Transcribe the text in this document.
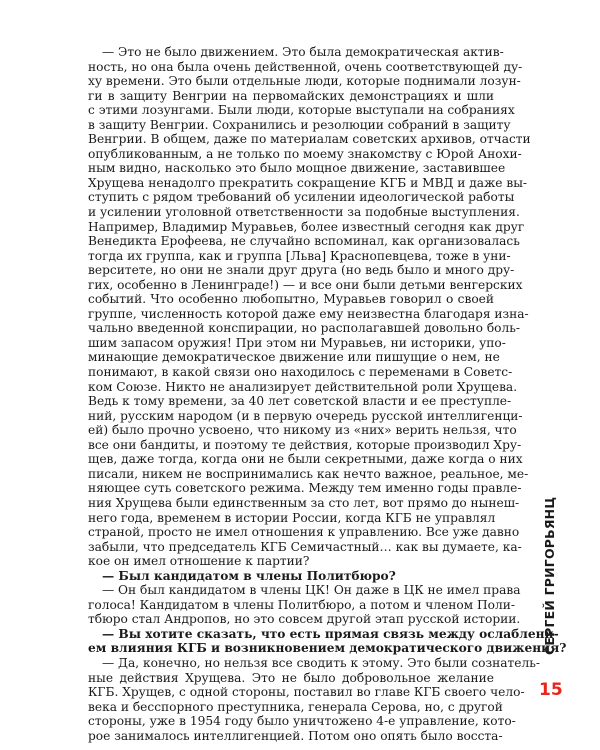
— Это не было движением. Это была демократическая актив-
ность, но она была очень действенной, очень соответствующей ду-
ху времени. Это были отдельные люди, которые поднимали лозун-
ги в защиту Венгрии на первомайских демонстрациях и шли
с этими лозунгами. Были люди, которые выступали на собраниях
в защиту Венгрии. Сохранились и резолюции собраний в защиту
Венгрии. В общем, даже по материалам советских архивов, отчасти
опубликованным, а не только по моему знакомству с Юрой Анохи-
ным видно, насколько это было мощное движение, заставившее
Хрущева ненадолго прекратить сокращение КГБ и МВД и даже вы-
ступить с рядом требований об усилении идеологической работы
и усилении уголовной ответственности за подобные выступления.
Например, Владимир Муравьев, более известный сегодня как друг
Венедикта Ерофеева, не случайно вспоминал, как организовалась
тогда их группа, как и группа [Льва] Краснопевцева, тоже в уни-
верситете, но они не знали друг друга (но ведь было и много дру-
гих, особенно в Ленинграде!) — и все они были детьми венгерских
событий. Что особенно любопытно, Муравьев говорил о своей
группе, численность которой даже ему неизвестна благодаря изна-
чально введенной конспирации, но располагавшей довольно боль-
шим запасом оружия! При этом ни Муравьев, ни историки, упо-
минающие демократическое движение или пишущие о нем, не
понимают, в какой связи оно находилось с переменами в Советс-
ком Союзе. Никто не анализирует действительной роли Хрущева.
Ведь к тому времени, за 40 лет советской власти и ее преступле-
ний, русским народом (и в первую очередь русской интеллигенци-
ей) было прочно усвоено, что никому из «них» верить нельзя, что
все они бандиты, и поэтому те действия, которые производил Хру-
щев, даже тогда, когда они не были секретными, даже когда о них
писали, никем не воспринимались как нечто важное, реальное, ме-
няющее суть советского режима. Между тем именно годы правле-
ния Хрущева были единственным за сто лет, вот прямо до нынеш-
него года, временем в истории России, когда КГБ не управлял
страной, просто не имел отношения к управлению. Все уже давно
забыли, что председатель КГБ Семичастный… как вы думаете, ка-
кое он имел отношение к партии?
— Был кандидатом в члены Политбюро?
— Он был кандидатом в члены ЦК! Он даже в ЦК не имел права
голоса! Кандидатом в члены Политбюро, а потом и членом Поли-
тбюро стал Андропов, но это совсем другой этап русской истории.
— Вы хотите сказать, что есть прямая связь между ослаблени-
ем влияния КГБ и возникновением демократического движения?
— Да, конечно, но нельзя все сводить к этому. Это были сознатель-
ные действия Хрущева. Это не было добровольное желание
КГБ. Хрущев, с одной стороны, поставил во главе КГБ своего чело-
века и бесспорного преступника, генерала Серова, но, с другой
стороны, уже в 1954 году было уничтожено 4-е управление, кото-
рое занималось интеллигенцией. Потом оно опять было восста-
СЕРГЕЙ ГРИГОРЬЯНЦ
15
